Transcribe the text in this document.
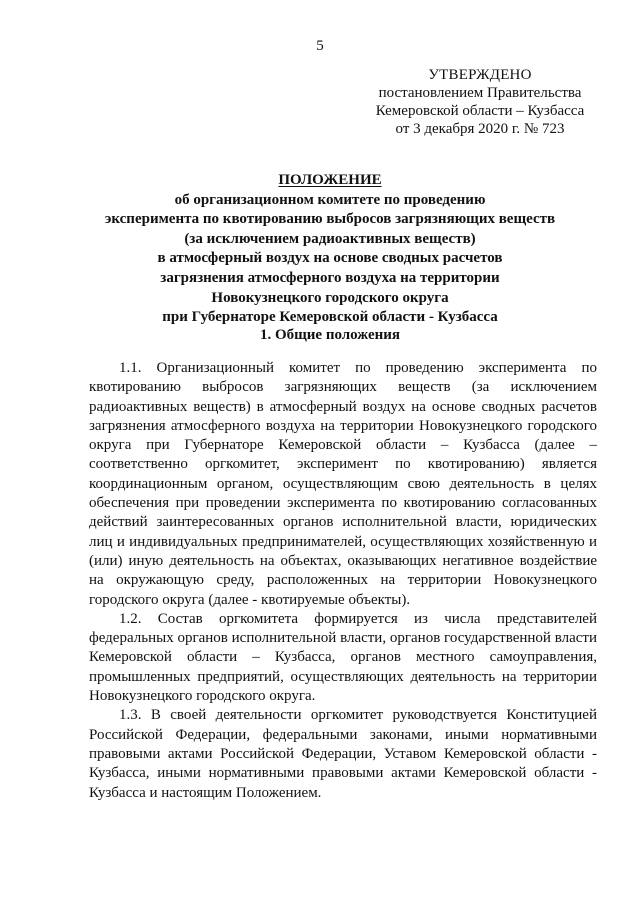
5
УТВЕРЖДЕНО
постановлением Правительства
Кемеровской области – Кузбасса
от 3 декабря 2020 г. № 723
ПОЛОЖЕНИЕ
об организационном комитете по проведению
эксперимента по квотированию выбросов загрязняющих веществ
(за исключением радиоактивных веществ)
в атмосферный воздух на основе сводных расчетов
загрязнения атмосферного воздуха на территории
Новокузнецкого городского округа
при Губернаторе Кемеровской области - Кузбасса
1. Общие положения

1.1. Организационный комитет по проведению эксперимента по квотированию выбросов загрязняющих веществ (за исключением радиоактивных веществ) в атмосферный воздух на основе сводных расчетов загрязнения атмосферного воздуха на территории Новокузнецкого городского округа при Губернаторе Кемеровской области – Кузбасса (далее – соответственно оргкомитет, эксперимент по квотированию) является координационным органом, осуществляющим свою деятельность в целях обеспечения при проведении эксперимента по квотированию согласованных действий заинтересованных органов исполнительной власти, юридических лиц и индивидуальных предпринимателей, осуществляющих хозяйственную и (или) иную деятельность на объектах, оказывающих негативное воздействие на окружающую среду, расположенных на территории Новокузнецкого городского округа (далее - квотируемые объекты).

1.2. Состав оргкомитета формируется из числа представителей федеральных органов исполнительной власти, органов государственной власти Кемеровской области – Кузбасса, органов местного самоуправления, промышленных предприятий, осуществляющих деятельность на территории Новокузнецкого городского округа.

1.3. В своей деятельности оргкомитет руководствуется Конституцией Российской Федерации, федеральными законами, иными нормативными правовыми актами Российской Федерации, Уставом Кемеровской области - Кузбасса, иными нормативными правовыми актами Кемеровской области - Кузбасса и настоящим Положением.
